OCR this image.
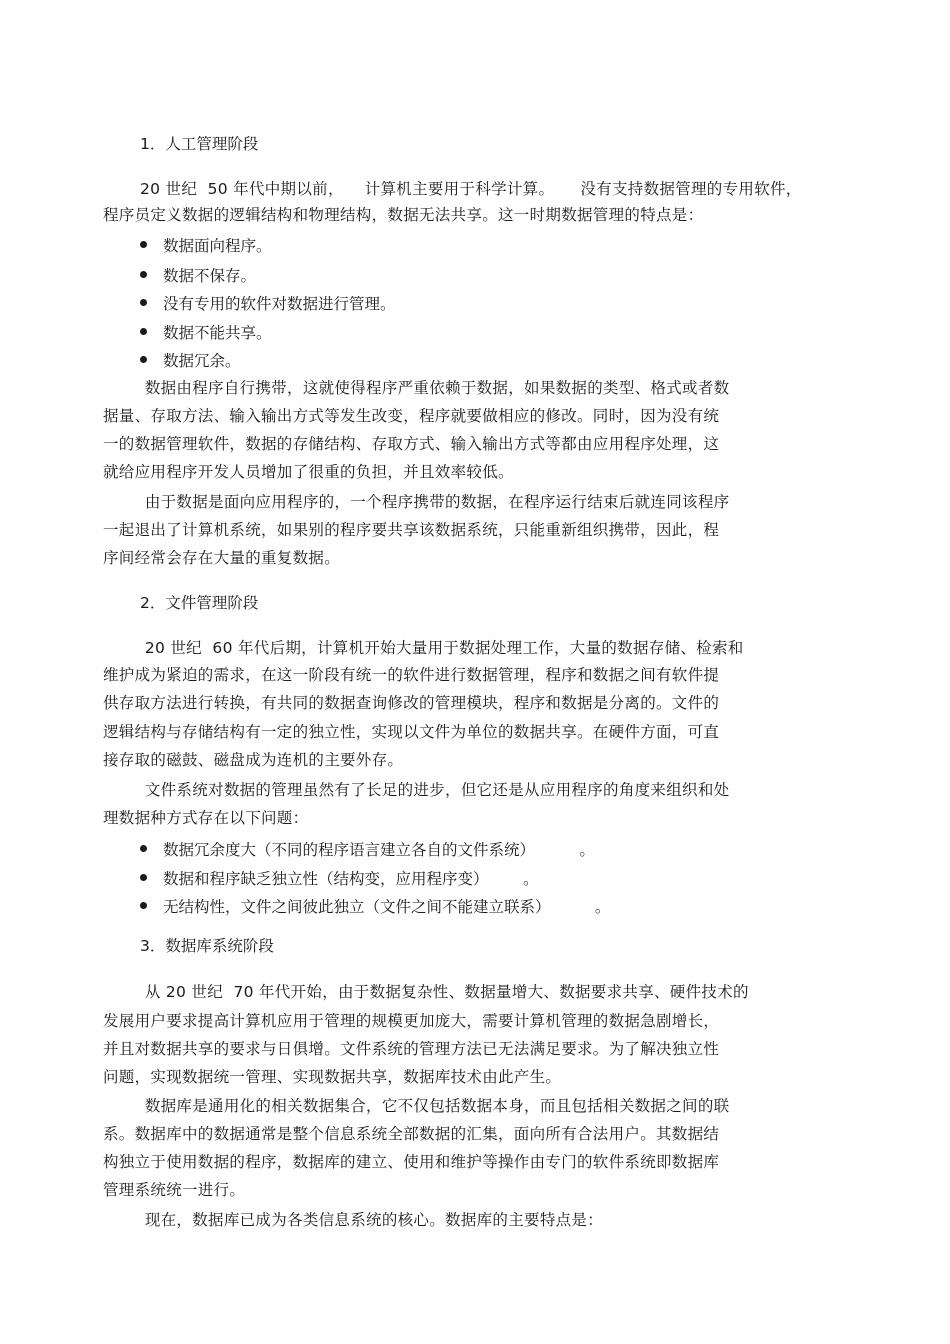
1．人工管理阶段
20 世纪  50 年代中期以前，    计算机主要用于科学计算。     没有支持数据管理的专用软件，
程序员定义数据的逻辑结构和物理结构，数据无法共享。这一时期数据管理的特点是：
数据面向程序。
数据不保存。
没有专用的软件对数据进行管理。
数据不能共享。
数据冗余。
数据由程序自行携带，这就使得程序严重依赖于数据，如果数据的类型、格式或者数
据量、存取方法、输入输出方式等发生改变，程序就要做相应的修改。同时，因为没有统
一的数据管理软件，数据的存储结构、存取方式、输入输出方式等都由应用程序处理，这
就给应用程序开发人员增加了很重的负担，并且效率较低。
由于数据是面向应用程序的，一个程序携带的数据，在程序运行结束后就连同该程序
一起退出了计算机系统，如果别的程序要共享该数据系统，只能重新组织携带，因此，程
序间经常会存在大量的重复数据。
2．文件管理阶段
20 世纪  60 年代后期，计算机开始大量用于数据处理工作，大量的数据存储、检索和
维护成为紧迫的需求，在这一阶段有统一的软件进行数据管理，程序和数据之间有软件提
供存取方法进行转换，有共同的数据查询修改的管理模块，程序和数据是分离的。文件的
逻辑结构与存储结构有一定的独立性，实现以文件为单位的数据共享。在硬件方面，可直
接存取的磁鼓、磁盘成为连机的主要外存。
文件系统对数据的管理虽然有了长足的进步，但它还是从应用程序的角度来组织和处
理数据种方式存在以下问题：
数据冗余度大（不同的程序语言建立各自的文件系统）         。
数据和程序缺乏独立性（结构变，应用程序变）       。
无结构性，文件之间彼此独立（文件之间不能建立联系）         。
3．数据库系统阶段
从 20 世纪  70 年代开始，由于数据复杂性、数据量增大、数据要求共享、硬件技术的
发展用户要求提高计算机应用于管理的规模更加庞大，需要计算机管理的数据急剧增长，
并且对数据共享的要求与日俱增。文件系统的管理方法已无法满足要求。为了解决独立性
问题，实现数据统一管理、实现数据共享，数据库技术由此产生。
数据库是通用化的相关数据集合，它不仅包括数据本身，而且包括相关数据之间的联
系。数据库中的数据通常是整个信息系统全部数据的汇集，面向所有合法用户。其数据结
构独立于使用数据的程序，数据库的建立、使用和维护等操作由专门的软件系统即数据库
管理系统统一进行。
现在，数据库已成为各类信息系统的核心。数据库的主要特点是：
